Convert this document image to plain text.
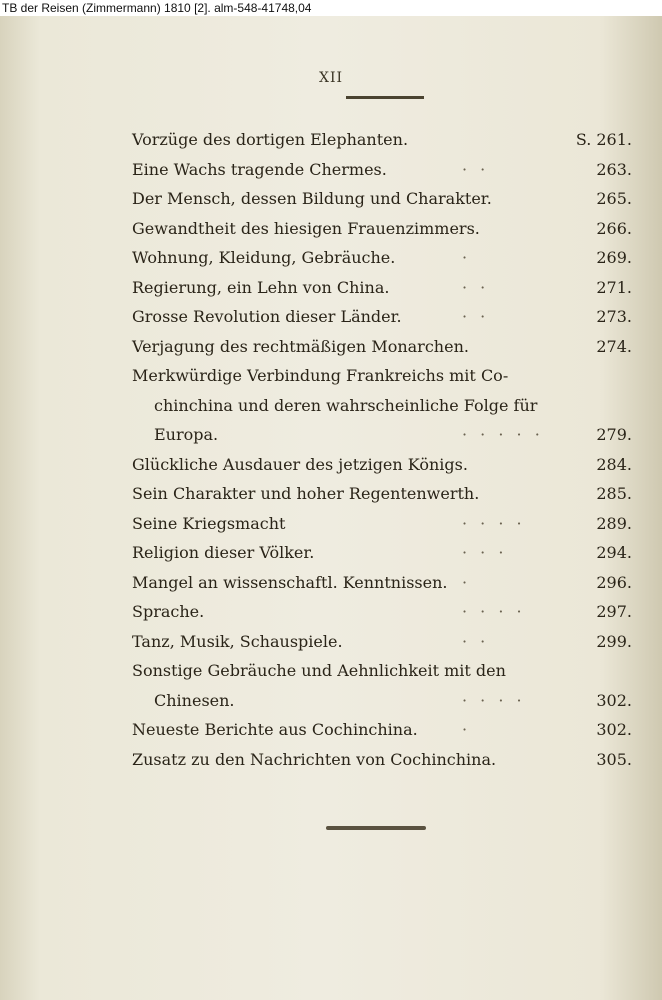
TB der Reisen (Zimmermann) 1810 [2]. alm-548-41748,04
XII
Vorzüge des dortigen Elephanten.	S. 261.
Eine Wachs tragende Chermes.	· ·	263.
Der Mensch, dessen Bildung und Charakter.	265.
Gewandtheit des hiesigen Frauenzimmers.	266.
Wohnung, Kleidung, Gebräuche.	·	269.
Regierung, ein Lehn von China.	· ·	271.
Grosse Revolution dieser Länder.	· ·	273.
Verjagung des rechtmäßigen Monarchen.	274.
Merkwürdige Verbindung Frankreichs mit Co-
chinchina und deren wahrscheinliche Folge für
Europa.	· · · · ·	279.
Glückliche Ausdauer des jetzigen Königs.	284.
Sein Charakter und hoher Regentenwerth.	285.
Seine Kriegsmacht	· · · ·	289.
Religion dieser Völker.	· · ·	294.
Mangel an wissenschaftl. Kenntnissen. ·	296.
Sprache.	· · · ·	297.
Tanz, Musik, Schauspiele.	· ·	299.
Sonstige Gebräuche und Aehnlichkeit mit den
Chinesen.	· · · ·	302.
Neueste Berichte aus Cochinchina.	·	302.
Zusatz zu den Nachrichten von Cochinchina.	305.
